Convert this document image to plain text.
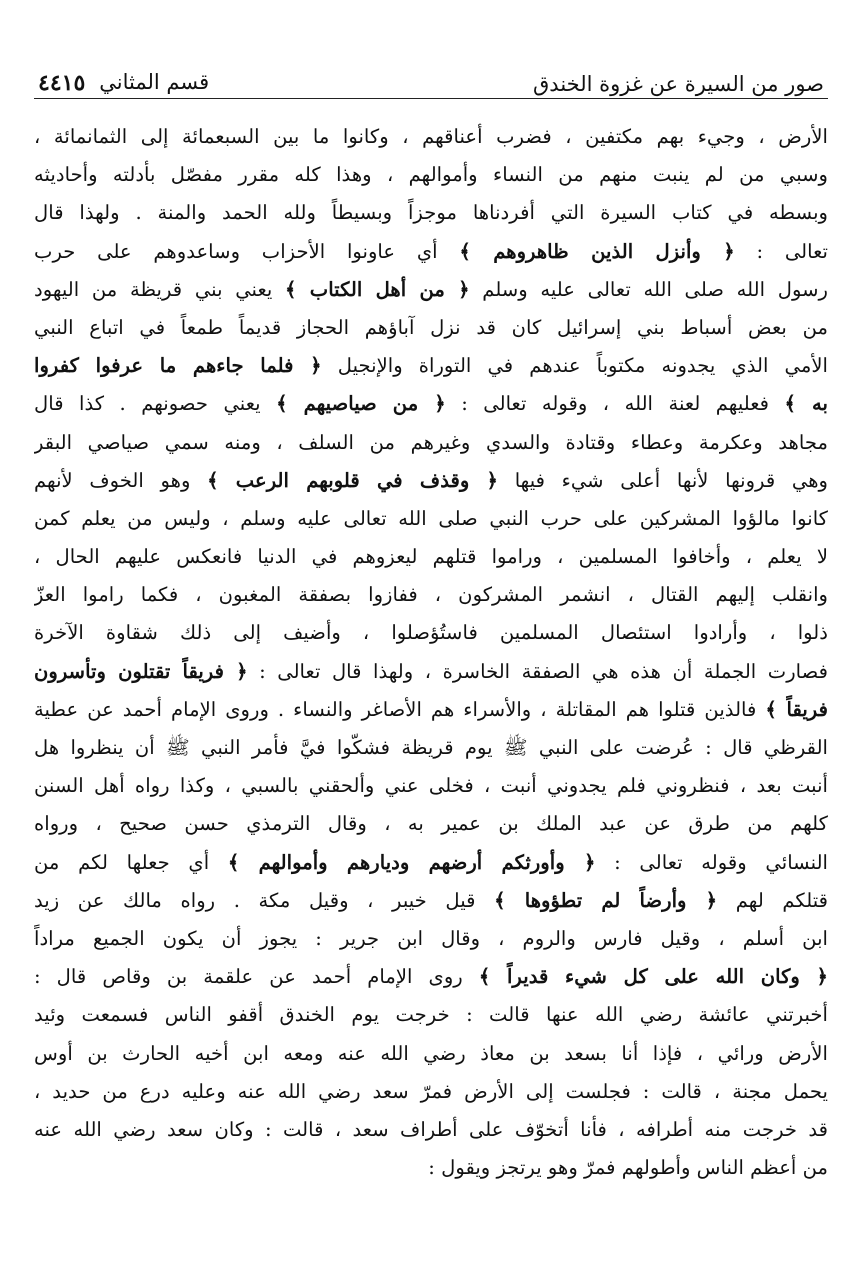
صور من السيرة عن غزوة الخندق
قسم المثاني
٤٤١٥
الأرض ، وجيء بهم مكتفين ، فضرب أعناقهم ، وكانوا ما بين السبعمائة إلى الثمانمائة ،
وسبي من لم ينبت منهم من النساء وأموالهم ، وهذا كله مقرر مفصّل بأدلته وأحاديثه
وبسطه في كتاب السيرة التي أفردناها موجزاً وبسيطاً ولله الحمد والمنة . ولهذا قال
تعالى : ﴿ وأنزل الذين ظاهروهم ﴾ أي عاونوا الأحزاب وساعدوهم على حرب
رسول الله صلى الله تعالى عليه وسلم ﴿ من أهل الكتاب ﴾ يعني بني قريظة من اليهود
من بعض أسباط بني إسرائيل كان قد نزل آباؤهم الحجاز قديماً طمعاً في اتباع النبي
الأمي الذي يجدونه مكتوباً عندهم في التوراة والإنجيل ﴿ فلما جاءهم ما عرفوا كفروا
به ﴾ فعليهم لعنة الله ، وقوله تعالى : ﴿ من صياصيهم ﴾ يعني حصونهم . كذا قال
مجاهد وعكرمة وعطاء وقتادة والسدي وغيرهم من السلف ، ومنه سمي صياصي البقر
وهي قرونها لأنها أعلى شيء فيها ﴿ وقذف في قلوبهم الرعب ﴾ وهو الخوف لأنهم
كانوا مالؤوا المشركين على حرب النبي صلى الله تعالى عليه وسلم ، وليس من يعلم كمن
لا يعلم ، وأخافوا المسلمين ، وراموا قتلهم ليعزوهم في الدنيا فانعكس عليهم الحال ،
وانقلب إليهم القتال ، انشمر المشركون ، ففازوا بصفقة المغبون ، فكما راموا العزّ
ذلوا ، وأرادوا استئصال المسلمين فاستُؤصلوا ، وأضيف إلى ذلك شقاوة الآخرة
فصارت الجملة أن هذه هي الصفقة الخاسرة ، ولهذا قال تعالى : ﴿ فريقاً تقتلون وتأسرون
فريقاً ﴾ فالذين قتلوا هم المقاتلة ، والأسراء هم الأصاغر والنساء . وروى الإمام أحمد عن عطية
القرظي قال : عُرضت على النبي ﷺ يوم قريظة فشكّوا فيَّ فأمر النبي ﷺ أن ينظروا هل
أنبت بعد ، فنظروني فلم يجدوني أنبت ، فخلى عني وألحقني بالسبي ، وكذا رواه أهل السنن
كلهم من طرق عن عبد الملك بن عمير به ، وقال الترمذي حسن صحيح ، ورواه
النسائي وقوله تعالى : ﴿ وأورثكم أرضهم وديارهم وأموالهم ﴾ أي جعلها لكم من
قتلكم لهم ﴿ وأرضاً لم تطؤوها ﴾ قيل خيبر ، وقيل مكة . رواه مالك عن زيد
ابن أسلم ، وقيل فارس والروم ، وقال ابن جرير : يجوز أن يكون الجميع مراداً
﴿ وكان الله على كل شيء قديراً ﴾ روى الإمام أحمد عن علقمة بن وقاص قال :
أخبرتني عائشة رضي الله عنها قالت : خرجت يوم الخندق أقفو الناس فسمعت وئيد
الأرض ورائي ، فإذا أنا بسعد بن معاذ رضي الله عنه ومعه ابن أخيه الحارث بن أوس
يحمل مجنة ، قالت : فجلست إلى الأرض فمرّ سعد رضي الله عنه وعليه درع من حديد ،
قد خرجت منه أطرافه ، فأنا أتخوّف على أطراف سعد ، قالت : وكان سعد رضي الله عنه
من أعظم الناس وأطولهم فمرّ وهو يرتجز ويقول :
